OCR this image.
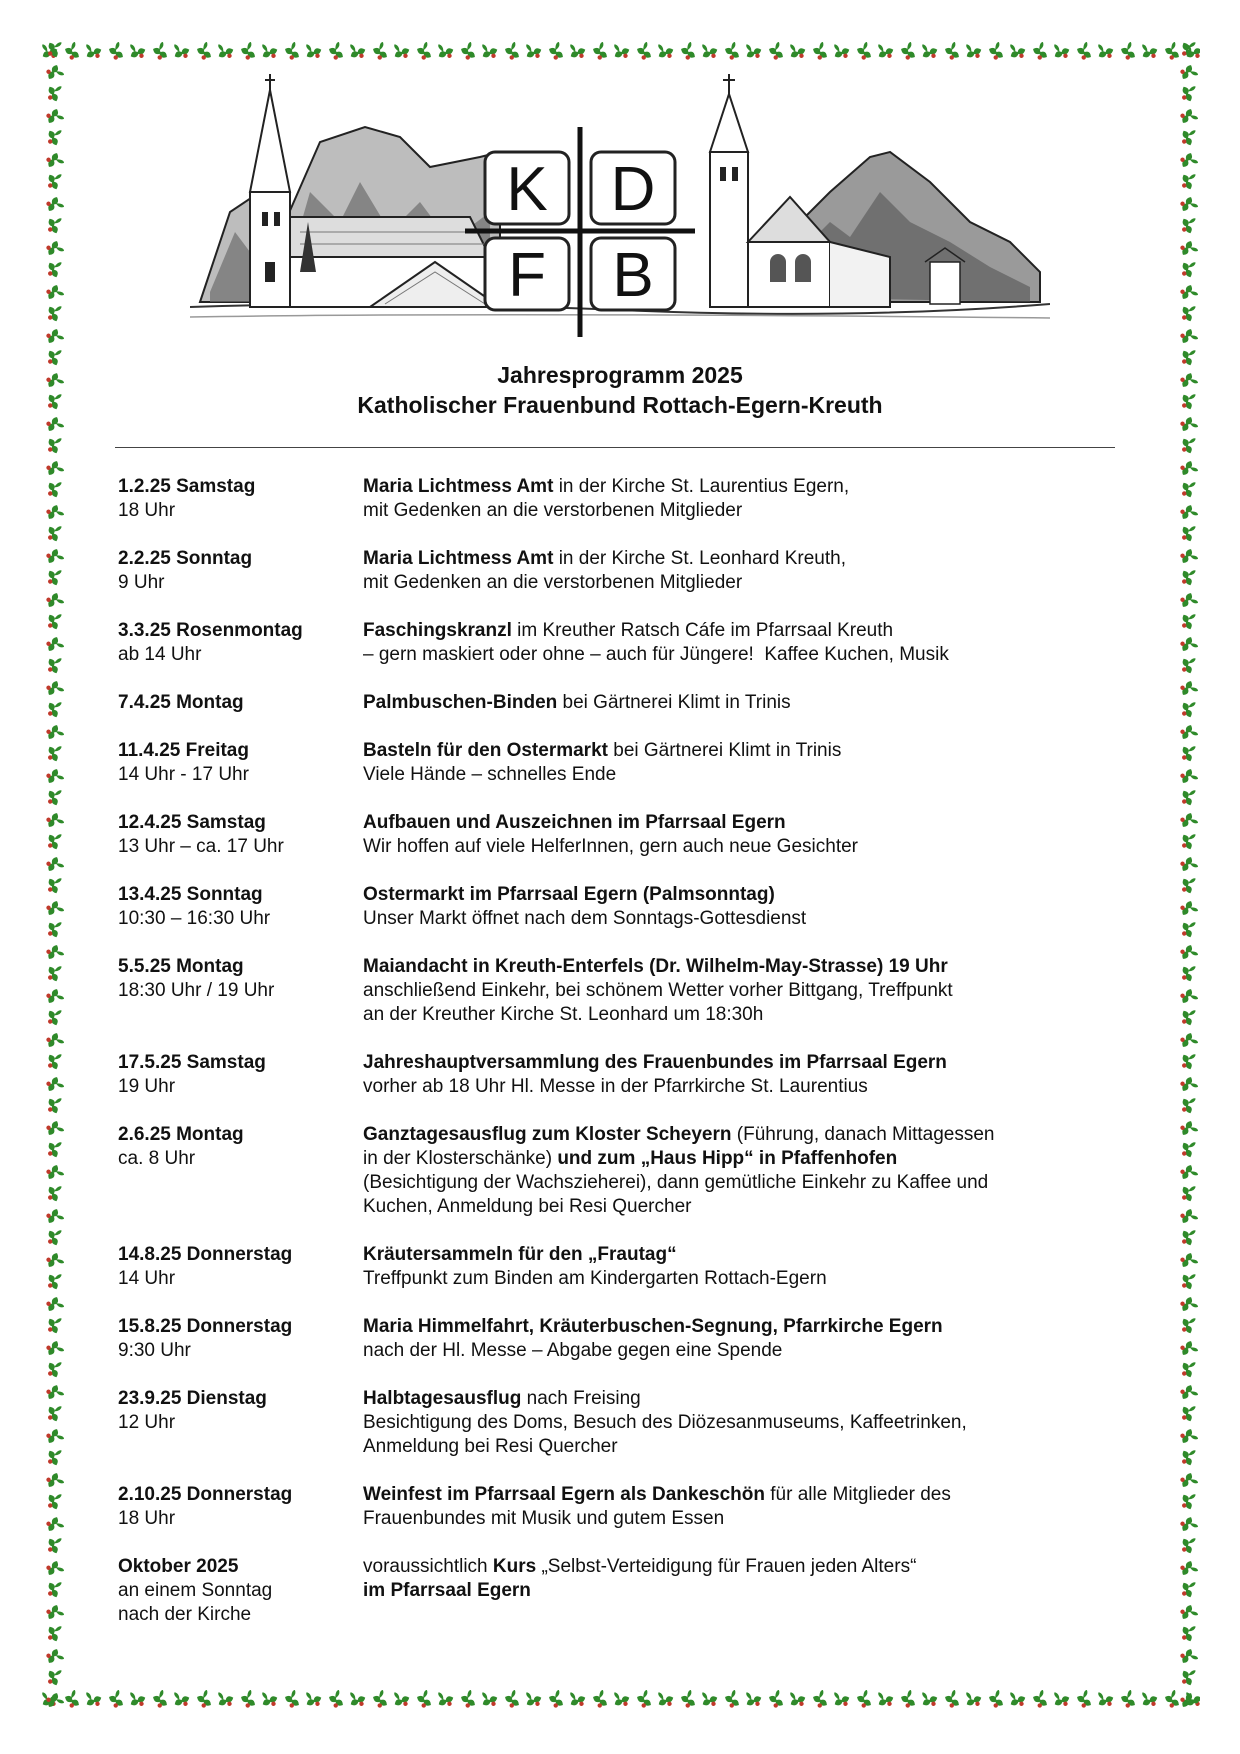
K D
F B
Jahresprogramm 2025
Katholischer Frauenbund Rottach-Egern-Kreuth
1.2.25 Samstag
18 Uhr
Maria Lichtmess Amt in der Kirche St. Laurentius Egern,
mit Gedenken an die verstorbenen Mitglieder
2.2.25 Sonntag
9 Uhr
Maria Lichtmess Amt in der Kirche St. Leonhard Kreuth,
mit Gedenken an die verstorbenen Mitglieder
3.3.25 Rosenmontag
ab 14 Uhr
Faschingskranzl im Kreuther Ratsch Cáfe im Pfarrsaal Kreuth
– gern maskiert oder ohne – auch für Jüngere!  Kaffee Kuchen, Musik
7.4.25 Montag	Palmbuschen-Binden bei Gärtnerei Klimt in Trinis
11.4.25 Freitag
14 Uhr - 17 Uhr
Basteln für den Ostermarkt bei Gärtnerei Klimt in Trinis
Viele Hände – schnelles Ende
12.4.25 Samstag
13 Uhr – ca. 17 Uhr
Aufbauen und Auszeichnen im Pfarrsaal Egern
Wir hoffen auf viele HelferInnen, gern auch neue Gesichter
13.4.25 Sonntag
10:30 – 16:30 Uhr
Ostermarkt im Pfarrsaal Egern (Palmsonntag)
Unser Markt öffnet nach dem Sonntags-Gottesdienst
5.5.25 Montag
18:30 Uhr / 19 Uhr
Maiandacht in Kreuth-Enterfels (Dr. Wilhelm-May-Strasse) 19 Uhr
anschließend Einkehr, bei schönem Wetter vorher Bittgang, Treffpunkt
an der Kreuther Kirche St. Leonhard um 18:30h
17.5.25 Samstag
19 Uhr
Jahreshauptversammlung des Frauenbundes im Pfarrsaal Egern
vorher ab 18 Uhr Hl. Messe in der Pfarrkirche St. Laurentius
2.6.25 Montag
ca. 8 Uhr
Ganztagesausflug zum Kloster Scheyern (Führung, danach Mittagessen
in der Klosterschänke) und zum „Haus Hipp“ in Pfaffenhofen
(Besichtigung der Wachszieherei), dann gemütliche Einkehr zu Kaffee und
Kuchen, Anmeldung bei Resi Quercher
14.8.25 Donnerstag
14 Uhr
Kräutersammeln für den „Frautag“
Treffpunkt zum Binden am Kindergarten Rottach-Egern
15.8.25 Donnerstag
9:30 Uhr
Maria Himmelfahrt, Kräuterbuschen-Segnung, Pfarrkirche Egern
nach der Hl. Messe – Abgabe gegen eine Spende
23.9.25 Dienstag
12 Uhr
Halbtagesausflug nach Freising
Besichtigung des Doms, Besuch des Diözesanmuseums, Kaffeetrinken,
Anmeldung bei Resi Quercher
2.10.25 Donnerstag
18 Uhr
Weinfest im Pfarrsaal Egern als Dankeschön für alle Mitglieder des
Frauenbundes mit Musik und gutem Essen
Oktober 2025
an einem Sonntag
nach der Kirche
voraussichtlich Kurs „Selbst-Verteidigung für Frauen jeden Alters“
im Pfarrsaal Egern
